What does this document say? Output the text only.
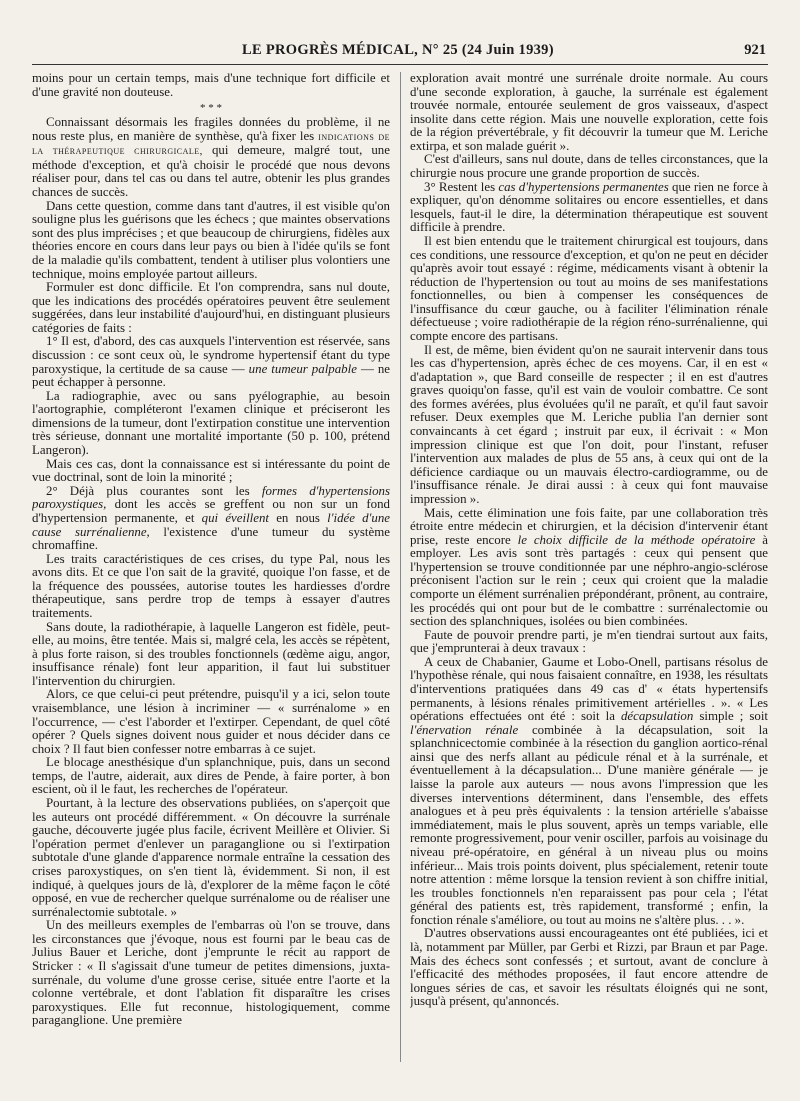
LE PROGRÈS MÉDICAL, N° 25 (24 Juin 1939)	921

moins pour un certain temps, mais d'une technique fort difficile et d'une gravité non douteuse.

* * *

Connaissant désormais les fragiles données du problème, il ne nous reste plus, en manière de synthèse, qu'à fixer les indications de la thérapeutique chirurgicale, qui demeure, malgré tout, une méthode d'exception, et qu'à choisir le procédé que nous devons réaliser pour, dans tel cas ou dans tel autre, obtenir les plus grandes chances de succès.

Dans cette question, comme dans tant d'autres, il est visible qu'on souligne plus les guérisons que les échecs ; que maintes observations sont des plus imprécises ; et que beaucoup de chirurgiens, fidèles aux théories encore en cours dans leur pays ou bien à l'idée qu'ils se font de la maladie qu'ils combattent, tendent à utiliser plus volontiers une technique, moins employée partout ailleurs.

Formuler est donc difficile. Et l'on comprendra, sans nul doute, que les indications des procédés opératoires peuvent être seulement suggérées, dans leur instabilité d'aujourd'hui, en distinguant plusieurs catégories de faits :

1° Il est, d'abord, des cas auxquels l'intervention est réservée, sans discussion : ce sont ceux où, le syndrome hypertensif étant du type paroxystique, la certitude de sa cause — une tumeur palpable — ne peut échapper à personne.

La radiographie, avec ou sans pyélographie, au besoin l'aortographie, compléteront l'examen clinique et préciseront les dimensions de la tumeur, dont l'extirpation constitue une intervention très sérieuse, donnant une mortalité importante (50 p. 100, prétend Langeron).

Mais ces cas, dont la connaissance est si intéressante du point de vue doctrinal, sont de loin la minorité ;

2° Déjà plus courantes sont les formes d'hypertensions paroxystiques, dont les accès se greffent ou non sur un fond d'hypertension permanente, et qui éveillent en nous l'idée d'une cause surrénalienne, l'existence d'une tumeur du système chromaffine.

Les traits caractéristiques de ces crises, du type Pal, nous les avons dits. Et ce que l'on sait de la gravité, quoique l'on fasse, et de la fréquence des poussées, autorise toutes les hardiesses d'ordre thérapeutique, sans perdre trop de temps à essayer d'autres traitements.

Sans doute, la radiothérapie, à laquelle Langeron est fidèle, peut-elle, au moins, être tentée. Mais si, malgré cela, les accès se répètent, à plus forte raison, si des troubles fonctionnels (œdème aigu, angor, insuffisance rénale) font leur apparition, il faut lui substituer l'intervention du chirurgien.

Alors, ce que celui-ci peut prétendre, puisqu'il y a ici, selon toute vraisemblance, une lésion à incriminer — « surrénalome » en l'occurrence, — c'est l'aborder et l'extirper. Cependant, de quel côté opérer ? Quels signes doivent nous guider et nous décider dans ce choix ? Il faut bien confesser notre embarras à ce sujet.

Le blocage anesthésique d'un splanchnique, puis, dans un second temps, de l'autre, aiderait, aux dires de Pende, à faire porter, à bon escient, où il le faut, les recherches de l'opérateur.

Pourtant, à la lecture des observations publiées, on s'aperçoit que les auteurs ont procédé différemment. « On découvre la surrénale gauche, découverte jugée plus facile, écrivent Meillère et Olivier. Si l'opération permet d'enlever un paraganglione ou si l'extirpation subtotale d'une glande d'apparence normale entraîne la cessation des crises paroxystiques, on s'en tient là, évidemment. Si non, il est indiqué, à quelques jours de là, d'explorer de la même façon le côté opposé, en vue de rechercher quelque surrénalome ou de réaliser une surrénalectomie subtotale. »

Un des meilleurs exemples de l'embarras où l'on se trouve, dans les circonstances que j'évoque, nous est fourni par le beau cas de Julius Bauer et Leriche, dont j'emprunte le récit au rapport de Stricker : « Il s'agissait d'une tumeur de petites dimensions, juxta-surrénale, du volume d'une grosse cerise, située entre l'aorte et la colonne vertébrale, et dont l'ablation fit disparaître les crises paroxystiques. Elle fut reconnue, histologiquement, comme paraganglione. Une première

exploration avait montré une surrénale droite normale. Au cours d'une seconde exploration, à gauche, la surrénale est également trouvée normale, entourée seulement de gros vaisseaux, d'aspect insolite dans cette région. Mais une nouvelle exploration, cette fois de la région prévertébrale, y fit découvrir la tumeur que M. Leriche extirpa, et son malade guérit ».

C'est d'ailleurs, sans nul doute, dans de telles circonstances, que la chirurgie nous procure une grande proportion de succès.

3° Restent les cas d'hypertensions permanentes que rien ne force à expliquer, qu'on dénomme solitaires ou encore essentielles, et dans lesquels, faut-il le dire, la détermination thérapeutique est souvent difficile à prendre.

Il est bien entendu que le traitement chirurgical est toujours, dans ces conditions, une ressource d'exception, et qu'on ne peut en décider qu'après avoir tout essayé : régime, médicaments visant à obtenir la réduction de l'hypertension ou tout au moins de ses manifestations fonctionnelles, ou bien à compenser les conséquences de l'insuffisance du cœur gauche, ou à faciliter l'élimination rénale défectueuse ; voire radiothérapie de la région réno-surrénalienne, qui compte encore des partisans.

Il est, de même, bien évident qu'on ne saurait intervenir dans tous les cas d'hypertension, après échec de ces moyens. Car, il en est « d'adaptation », que Bard conseille de respecter ; il en est d'autres graves quoiqu'on fasse, qu'il est vain de vouloir combattre. Ce sont des formes avérées, plus évoluées qu'il ne paraît, et qu'il faut savoir refuser. Deux exemples que M. Leriche publia l'an dernier sont convaincants à cet égard ; instruit par eux, il écrivait : « Mon impression clinique est que l'on doit, pour l'instant, refuser l'intervention aux malades de plus de 55 ans, à ceux qui ont de la déficience cardiaque ou un mauvais électro-cardiogramme, ou de l'insuffisance rénale. Je dirai aussi : à ceux qui font mauvaise impression ».

Mais, cette élimination une fois faite, par une collaboration très étroite entre médecin et chirurgien, et la décision d'intervenir étant prise, reste encore le choix difficile de la méthode opératoire à employer. Les avis sont très partagés : ceux qui pensent que l'hypertension se trouve conditionnée par une néphro-angio-sclérose préconisent l'action sur le rein ; ceux qui croient que la maladie comporte un élément surrénalien prépondérant, prônent, au contraire, les procédés qui ont pour but de le combattre : surrénalectomie ou section des splanchniques, isolées ou bien combinées.

Faute de pouvoir prendre parti, je m'en tiendrai surtout aux faits, que j'emprunterai à deux travaux :

A ceux de Chabanier, Gaume et Lobo-Onell, partisans résolus de l'hypothèse rénale, qui nous faisaient connaître, en 1938, les résultats d'interventions pratiquées dans 49 cas d' « états hypertensifs permanents, à lésions rénales primitivement artérielles . ». « Les opérations effectuées ont été : soit la décapsulation simple ; soit l'énervation rénale combinée à la décapsulation, soit la splanchnicectomie combinée à la résection du ganglion aortico-rénal ainsi que des nerfs allant au pédicule rénal et à la surrénale, et éventuellement à la décapsulation... D'une manière générale — je laisse la parole aux auteurs — nous avons l'impression que les diverses interventions déterminent, dans l'ensemble, des effets analogues et à peu près équivalents : la tension artérielle s'abaisse immédiatement, mais le plus souvent, après un temps variable, elle remonte progressivement, pour venir osciller, parfois au voisinage du niveau pré-opératoire, en général à un niveau plus ou moins inférieur... Mais trois points doivent, plus spécialement, retenir toute notre attention : même lorsque la tension revient à son chiffre initial, les troubles fonctionnels n'en reparaissent pas pour cela ; l'état général des patients est, très rapidement, transformé ; enfin, la fonction rénale s'améliore, ou tout au moins ne s'altère plus. . . ».

D'autres observations aussi encourageantes ont été publiées, ici et là, notamment par Müller, par Gerbi et Rizzi, par Braun et par Page. Mais des échecs sont confessés ; et surtout, avant de conclure à l'efficacité des méthodes proposées, il faut encore attendre de longues séries de cas, et savoir les résultats éloignés qui ne sont, jusqu'à présent, qu'annoncés.
